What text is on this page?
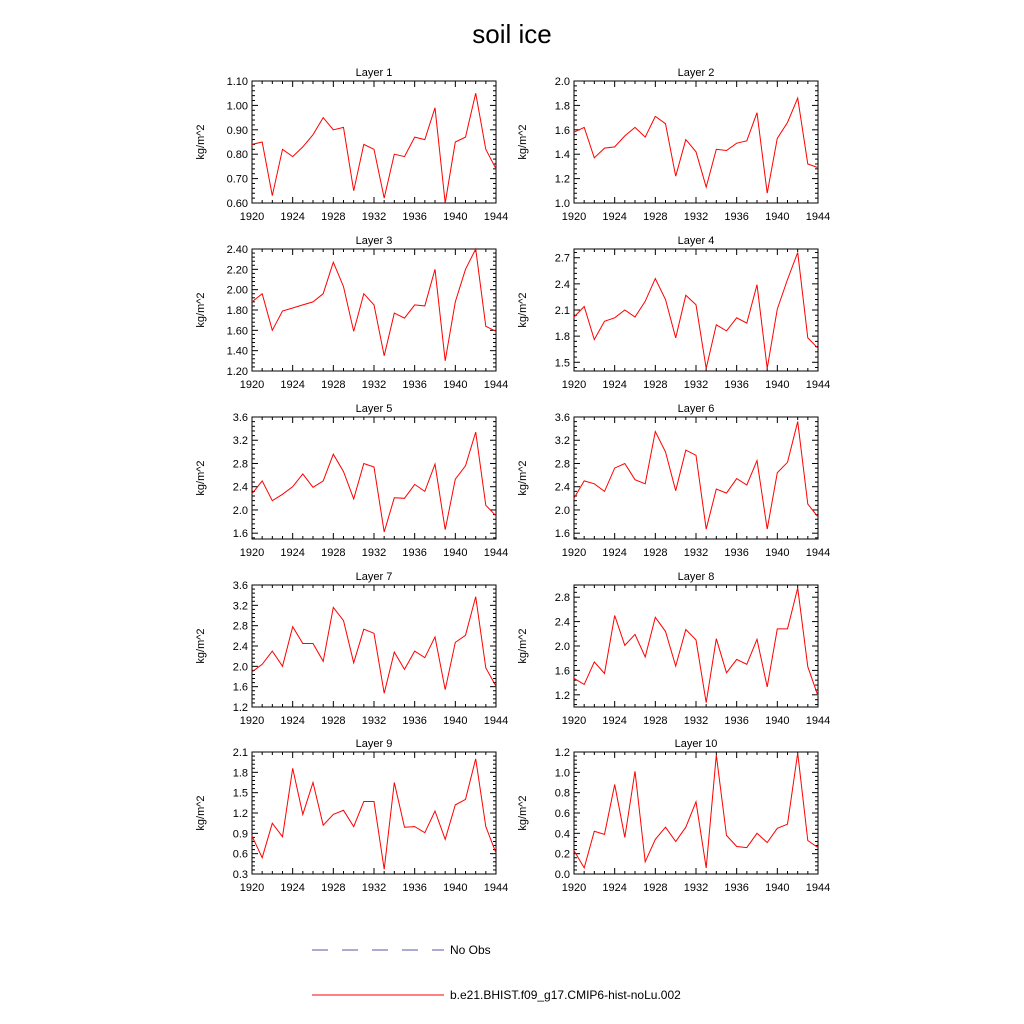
soil ice
Layer 1
kg/m^2
1920 1924 1928 1932 1936 1940 1944
0.60
0.70
0.80
0.90
1.00
1.10
Layer 2
kg/m^2
1920 1924 1928 1932 1936 1940 1944
1.0
1.2
1.4
1.6
1.8
2.0
Layer 3
kg/m^2
1920 1924 1928 1932 1936 1940 1944
1.20
1.40
1.60
1.80
2.00
2.20
2.40
Layer 4
kg/m^2
1920 1924 1928 1932 1936 1940 1944
1.5
1.8
2.1
2.4
2.7
Layer 5
kg/m^2
1920 1924 1928 1932 1936 1940 1944
1.6
2.0
2.4
2.8
3.2
3.6
Layer 6
kg/m^2
1920 1924 1928 1932 1936 1940 1944
1.6
2.0
2.4
2.8
3.2
3.6
Layer 7
kg/m^2
1920 1924 1928 1932 1936 1940 1944
1.2
1.6
2.0
2.4
2.8
3.2
3.6
Layer 8
kg/m^2
1920 1924 1928 1932 1936 1940 1944
1.2
1.6
2.0
2.4
2.8
Layer 9
kg/m^2
1920 1924 1928 1932 1936 1940 1944
0.3
0.6
0.9
1.2
1.5
1.8
2.1
Layer 10
kg/m^2
1920 1924 1928 1932 1936 1940 1944
0.0
0.2
0.4
0.6
0.8
1.0
1.2
No Obs
b.e21.BHIST.f09_g17.CMIP6-hist-noLu.002
